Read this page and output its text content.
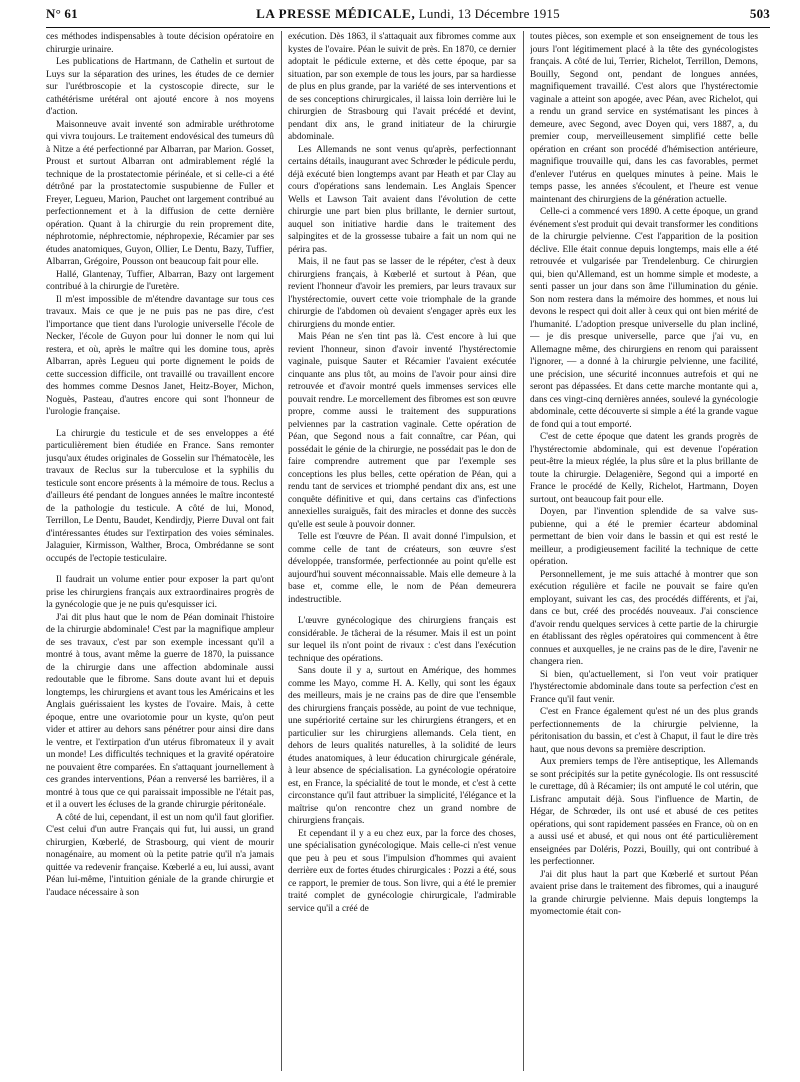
N° 61	LA PRESSE MÉDICALE, Lundi, 13 Décembre 1915	503

ces méthodes indispensables à toute décision opératoire en chirurgie urinaire.

Les publications de Hartmann, de Cathelin et surtout de Luys sur la séparation des urines, les études de ce dernier sur l'urétbroscopie et la cystoscopie directe, sur le cathétérisme urétéral ont ajouté encore à nos moyens d'action.

Maisonneuve avait inventé son admirable uréthrotome qui vivra toujours. Le traitement endovésical des tumeurs dû à Nitze a été perfectionné par Albarran, par Marion. Gosset, Proust et surtout Albarran ont admirablement réglé la technique de la prostatectomie périnéale, et si celle-ci a été détrôné par la prostatectomie suspubienne de Fuller et Freyer, Legueu, Marion, Pauchet ont largement contribué au perfectionnement et à la diffusion de cette dernière opération. Quant à la chirurgie du rein proprement dite, néphrotomie, néphrectomie, néphropexie, Récamier par ses études anatomiques, Guyon, Ollier, Le Dentu, Bazy, Tuffier, Albarran, Grégoire, Pousson ont beaucoup fait pour elle.

Hallé, Glantenay, Tuffier, Albarran, Bazy ont largement contribué à la chirurgie de l'uretère.

Il m'est impossible de m'étendre davantage sur tous ces travaux. Mais ce que je ne puis pas ne pas dire, c'est l'importance que tient dans l'urologie universelle l'école de Necker, l'école de Guyon pour lui donner le nom qui lui restera, et où, après le maître qui les domine tous, après Albarran, après Legueu qui porte dignement le poids de cette succession difficile, ont travaillé ou travaillent encore des hommes comme Desnos Janet, Heitz-Boyer, Michon, Noguès, Pasteau, d'autres encore qui sont l'honneur de l'urologie française.

La chirurgie du testicule et de ses enveloppes a été particulièrement bien étudiée en France. Sans remonter jusqu'aux études originales de Gosselin sur l'hématocèle, les travaux de Reclus sur la tuberculose et la syphilis du testicule sont encore présents à la mémoire de tous. Reclus a d'ailleurs été pendant de longues années le maître incontesté de la pathologie du testicule. A côté de lui, Monod, Terrillon, Le Dentu, Baudet, Kendirdjy, Pierre Duval ont fait d'intéressantes études sur l'extirpation des voies séminales. Jalaguier, Kirmisson, Walther, Broca, Ombrédanne se sont occupés de l'ectopie testiculaire.

Il faudrait un volume entier pour exposer la part qu'ont prise les chirurgiens français aux extraordinaires progrès de la gynécologie que je ne puis qu'esquisser ici.

J'ai dit plus haut que le nom de Péan dominait l'histoire de la chirurgie abdominale! C'est par la magnifique ampleur de ses travaux, c'est par son exemple incessant qu'il a montré à tous, avant même la guerre de 1870, la puissance de la chirurgie dans une affection abdominale aussi redoutable que le fibrome. Sans doute avant lui et depuis longtemps, les chirurgiens et avant tous les Américains et les Anglais guérissaient les kystes de l'ovaire. Mais, à cette époque, entre une ovariotomie pour un kyste, qu'on peut vider et attirer au dehors sans pénétrer pour ainsi dire dans le ventre, et l'extirpation d'un utérus fibromateux il y avait un monde! Les difficultés techniques et la gravité opératoire ne pouvaient être comparées. En s'attaquant journellement à ces grandes interventions, Péan a renversé les barrières, il a montré à tous que ce qui paraissait impossible ne l'était pas, et il a ouvert les écluses de la grande chirurgie péritonéale.

A côté de lui, cependant, il est un nom qu'il faut glorifier. C'est celui d'un autre Français qui fut, lui aussi, un grand chirurgien, Kœberlé, de Strasbourg, qui vient de mourir nonagénaire, au moment où la petite patrie qu'il n'a jamais quittée va redevenir française. Kœberlé a eu, lui aussi, avant Péan lui-même, l'intuition géniale de la grande chirurgie et l'audace nécessaire à son

exécution. Dès 1863, il s'attaquait aux fibromes comme aux kystes de l'ovaire. Péan le suivit de près. En 1870, ce dernier adoptait le pédicule externe, et dès cette époque, par sa situation, par son exemple de tous les jours, par sa hardiesse de plus en plus grande, par la variété de ses interventions et de ses conceptions chirurgicales, il laissa loin derrière lui le chirurgien de Strasbourg qui l'avait précédé et devint, pendant dix ans, le grand initiateur de la chirurgie abdominale.

Les Allemands ne sont venus qu'après, perfectionnant certains détails, inaugurant avec Schrœder le pédicule perdu, déjà exécuté bien longtemps avant par Heath et par Clay au cours d'opérations sans lendemain. Les Anglais Spencer Wells et Lawson Tait avaient dans l'évolution de cette chirurgie une part bien plus brillante, le dernier surtout, auquel son initiative hardie dans le traitement des salpingites et de la grossesse tubaire a fait un nom qui ne périra pas.

Mais, il ne faut pas se lasser de le répéter, c'est à deux chirurgiens français, à Kœberlé et surtout à Péan, que revient l'honneur d'avoir les premiers, par leurs travaux sur l'hystérectomie, ouvert cette voie triomphale de la grande chirurgie de l'abdomen où devaient s'engager après eux les chirurgiens du monde entier.

Mais Péan ne s'en tint pas là. C'est encore à lui que revient l'honneur, sinon d'avoir inventé l'hystérectomie vaginale, puisque Sauter et Récamier l'avaient exécutée cinquante ans plus tôt, au moins de l'avoir pour ainsi dire retrouvée et d'avoir montré quels immenses services elle pouvait rendre. Le morcellement des fibromes est son œuvre propre, comme aussi le traitement des suppurations pelviennes par la castration vaginale. Cette opération de Péan, que Segond nous a fait connaître, car Péan, qui possédait le génie de la chirurgie, ne possédait pas le don de faire comprendre autrement que par l'exemple ses conceptions les plus belles, cette opération de Péan, qui a rendu tant de services et triomphé pendant dix ans, est une conquête définitive et qui, dans certains cas d'infections annexielles suraiguës, fait des miracles et donne des succès qu'elle est seule à pouvoir donner.

Telle est l'œuvre de Péan. Il avait donné l'impulsion, et comme celle de tant de créateurs, son œuvre s'est développée, transformée, perfectionnée au point qu'elle est aujourd'hui souvent méconnaissable. Mais elle demeure à la base et, comme elle, le nom de Péan demeurera indestructible.

L'œuvre gynécologique des chirurgiens français est considérable. Je tâcherai de la résumer. Mais il est un point sur lequel ils n'ont point de rivaux : c'est dans l'exécution technique des opérations.

Sans doute il y a, surtout en Amérique, des hommes comme les Mayo, comme H. A. Kelly, qui sont les égaux des meilleurs, mais je ne crains pas de dire que l'ensemble des chirurgiens français possède, au point de vue technique, une supériorité certaine sur les chirurgiens étrangers, et en particulier sur les chirurgiens allemands. Cela tient, en dehors de leurs qualités naturelles, à la solidité de leurs études anatomiques, à leur éducation chirurgicale générale, à leur absence de spécialisation. La gynécologie opératoire est, en France, la spécialité de tout le monde, et c'est à cette circonstance qu'il faut attribuer la simplicité, l'élégance et la maîtrise qu'on rencontre chez un grand nombre de chirurgiens français.

Et cependant il y a eu chez eux, par la force des choses, une spécialisation gynécologique. Mais celle-ci n'est venue que peu à peu et sous l'impulsion d'hommes qui avaient derrière eux de fortes études chirurgicales : Pozzi a été, sous ce rapport, le premier de tous. Son livre, qui a été le premier traité complet de gynécologie chirurgicale, l'admirable service qu'il a créé de

toutes pièces, son exemple et son enseignement de tous les jours l'ont légitimement placé à la tête des gynécologistes français. A côté de lui, Terrier, Richelot, Terrillon, Demons, Bouilly, Segond ont, pendant de longues années, magnifiquement travaillé. C'est alors que l'hystérectomie vaginale a atteint son apogée, avec Péan, avec Richelot, qui a rendu un grand service en systématisant les pinces à demeure, avec Segond, avec Doyen qui, vers 1887, a, du premier coup, merveilleusement simplifié cette belle opération en créant son procédé d'hémisection antérieure, magnifique trouvaille qui, dans les cas favorables, permet d'enlever l'utérus en quelques minutes à peine. Mais le temps passe, les années s'écoulent, et l'heure est venue maintenant des chirurgiens de la génération actuelle.

Celle-ci a commencé vers 1890. A cette époque, un grand événement s'est produit qui devait transformer les conditions de la chirurgie pelvienne. C'est l'apparition de la position déclive. Elle était connue depuis longtemps, mais elle a été retrouvée et vulgarisée par Trendelenburg. Ce chirurgien qui, bien qu'Allemand, est un homme simple et modeste, a senti passer un jour dans son âme l'illumination du génie. Son nom restera dans la mémoire des hommes, et nous lui devons le respect qui doit aller à ceux qui ont bien mérité de l'humanité. L'adoption presque universelle du plan incliné, — je dis presque universelle, parce que j'ai vu, en Allemagne même, des chirurgiens en renom qui paraissent l'ignorer, — a donné à la chirurgie pelvienne, une facilité, une précision, une sécurité inconnues autrefois et qui ne seront pas dépassées. Et dans cette marche montante qui a, dans ces vingt-cinq dernières années, soulevé la gynécologie abdominale, cette découverte si simple a été la grande vague de fond qui a tout emporté.

C'est de cette époque que datent les grands progrès de l'hystérectomie abdominale, qui est devenue l'opération peut-être la mieux réglée, la plus sûre et la plus brillante de toute la chirurgie. Delagenière, Segond qui a importé en France le procédé de Kelly, Richelot, Hartmann, Doyen surtout, ont beaucoup fait pour elle.

Doyen, par l'invention splendide de sa valve sus-pubienne, qui a été le premier écarteur abdominal permettant de bien voir dans le bassin et qui est resté le meilleur, a prodigieusement facilité la technique de cette opération.

Personnellement, je me suis attaché à montrer que son exécution régulière et facile ne pouvait se faire qu'en employant, suivant les cas, des procédés différents, et j'ai, dans ce but, créé des procédés nouveaux. J'ai conscience d'avoir rendu quelques services à cette partie de la chirurgie en établissant des règles opératoires qui commencent à être connues et auxquelles, je ne crains pas de le dire, l'avenir ne changera rien.

Si bien, qu'actuellement, si l'on veut voir pratiquer l'hystérectomie abdominale dans toute sa perfection c'est en France qu'il faut venir.

C'est en France également qu'est né un des plus grands perfectionnements de la chirurgie pelvienne, la péritonisation du bassin, et c'est à Chaput, il faut le dire très haut, que nous devons sa première description.

Aux premiers temps de l'ère antiseptique, les Allemands se sont précipités sur la petite gynécologie. Ils ont ressuscité le curettage, dû à Récamier; ils ont amputé le col utérin, que Lisfranc amputait déjà. Sous l'influence de Martin, de Hégar, de Schrœder, ils ont usé et abusé de ces petites opérations, qui sont rapidement passées en France, où on en a aussi usé et abusé, et qui nous ont été particulièrement enseignées par Doléris, Pozzi, Bouilly, qui ont contribué à les perfectionner.

J'ai dit plus haut la part que Kœberlé et surtout Péan avaient prise dans le traitement des fibromes, qui a inauguré la grande chirurgie pelvienne. Mais depuis longtemps la myomectomie était con-
